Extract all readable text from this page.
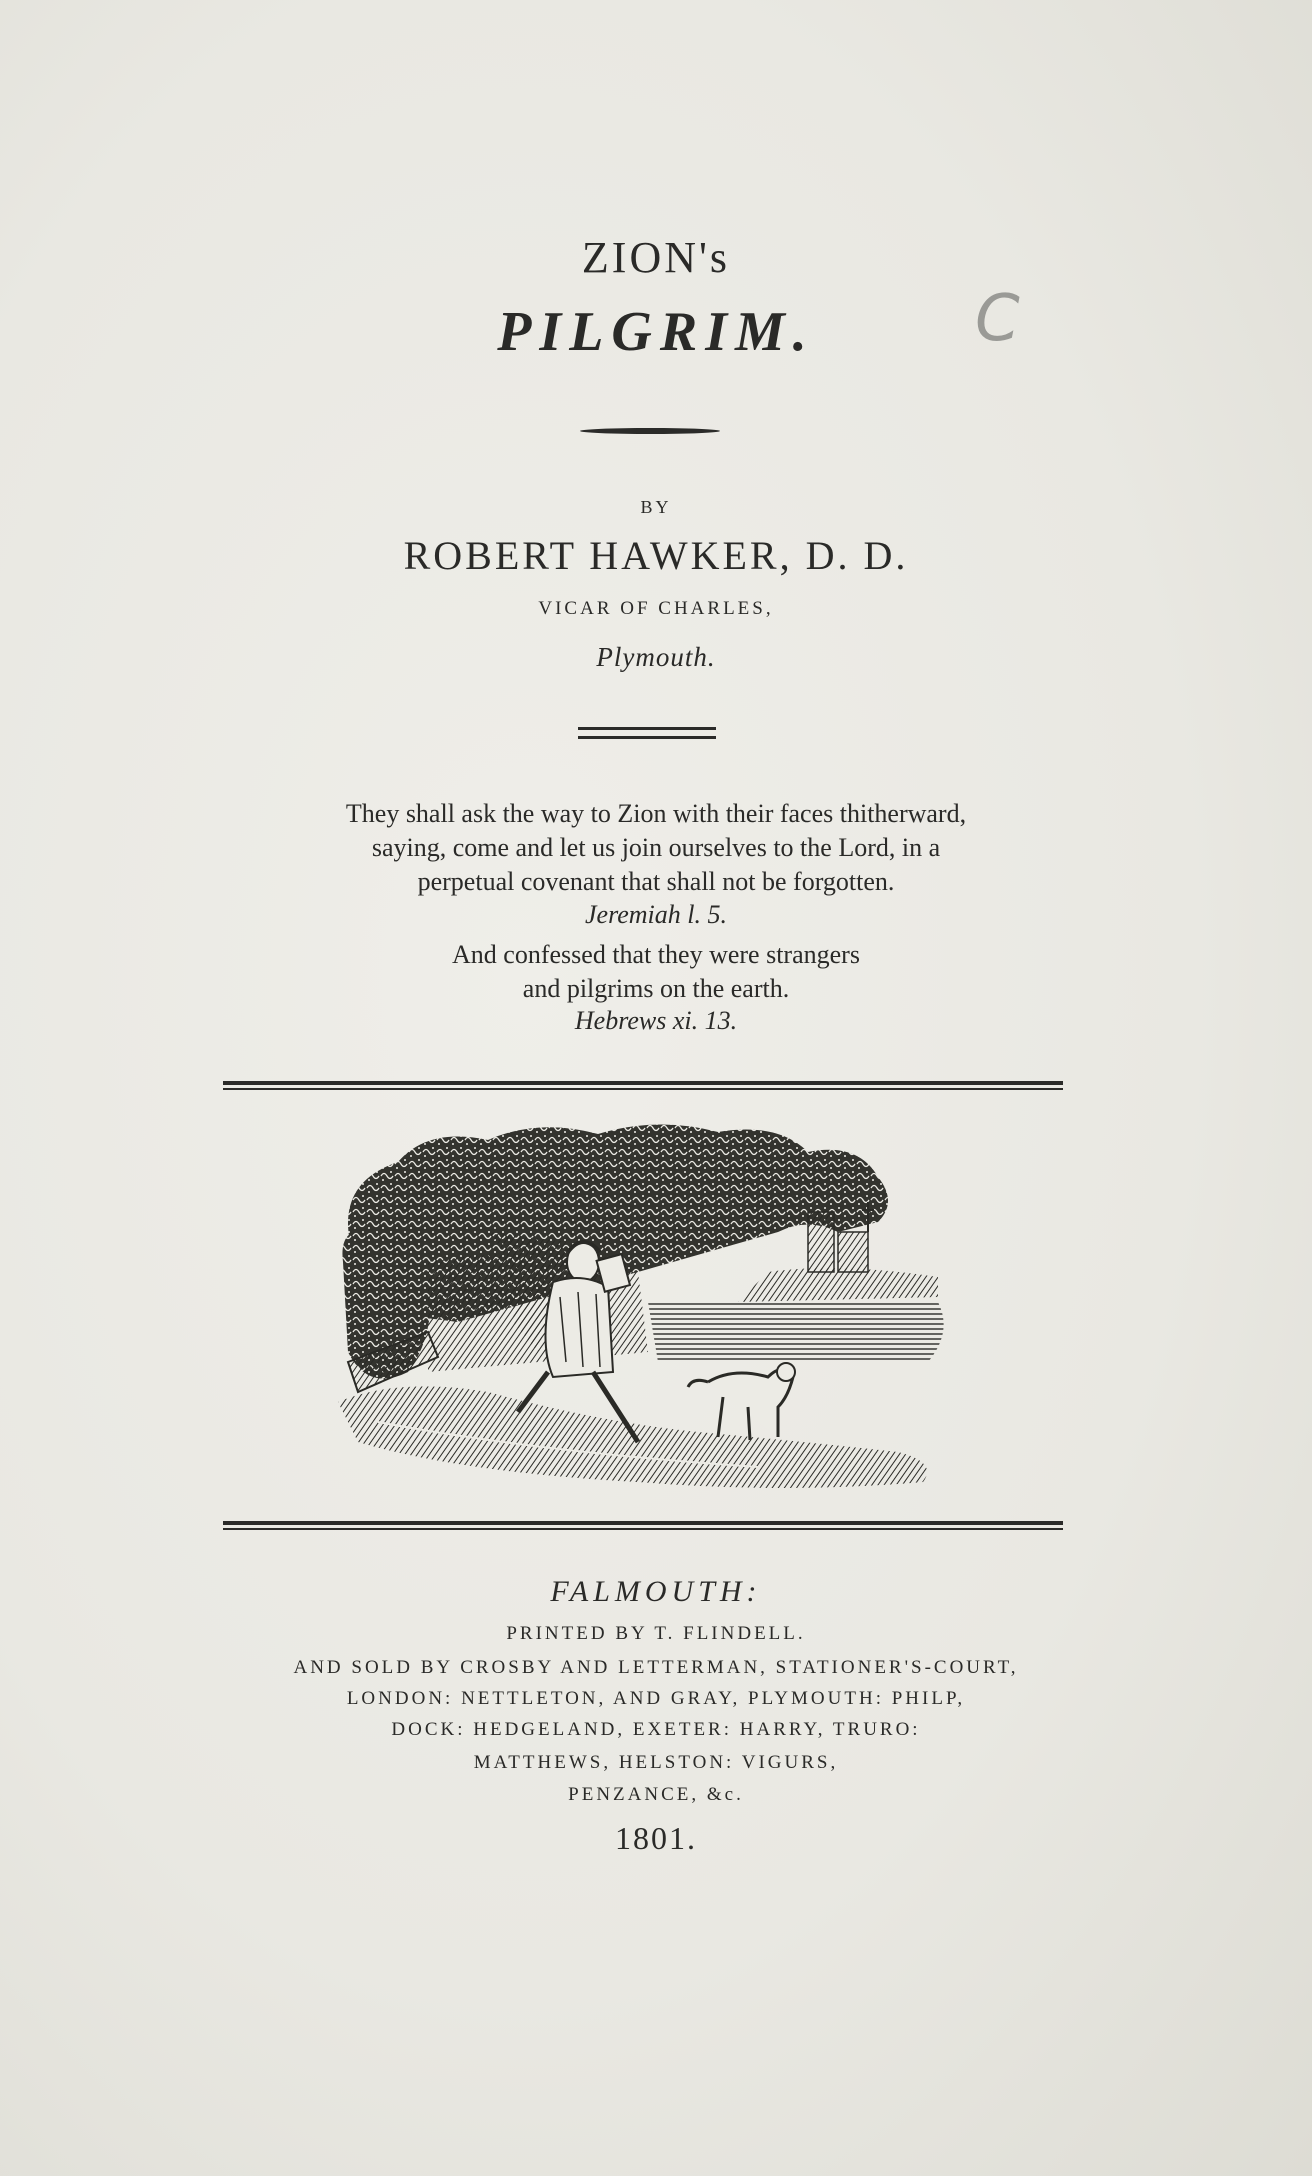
ZION's
PILGRIM.	C
BY
ROBERT HAWKER, D. D.
VICAR OF CHARLES,
Plymouth.
They shall ask the way to Zion with their faces thitherward,
saying, come and let us join ourselves to the Lord, in a
perpetual covenant that shall not be forgotten.
Jeremiah l. 5.
And confessed that they were strangers
and pilgrims on the earth.
Hebrews xi. 13.
FALMOUTH:
PRINTED BY T. FLINDELL.
AND SOLD BY CROSBY AND LETTERMAN, STATIONER'S-COURT,
LONDON: NETTLETON, AND GRAY, PLYMOUTH: PHILP,
DOCK: HEDGELAND, EXETER: HARRY, TRURO:
MATTHEWS, HELSTON: VIGURS,
PENZANCE, &c.
1801.
